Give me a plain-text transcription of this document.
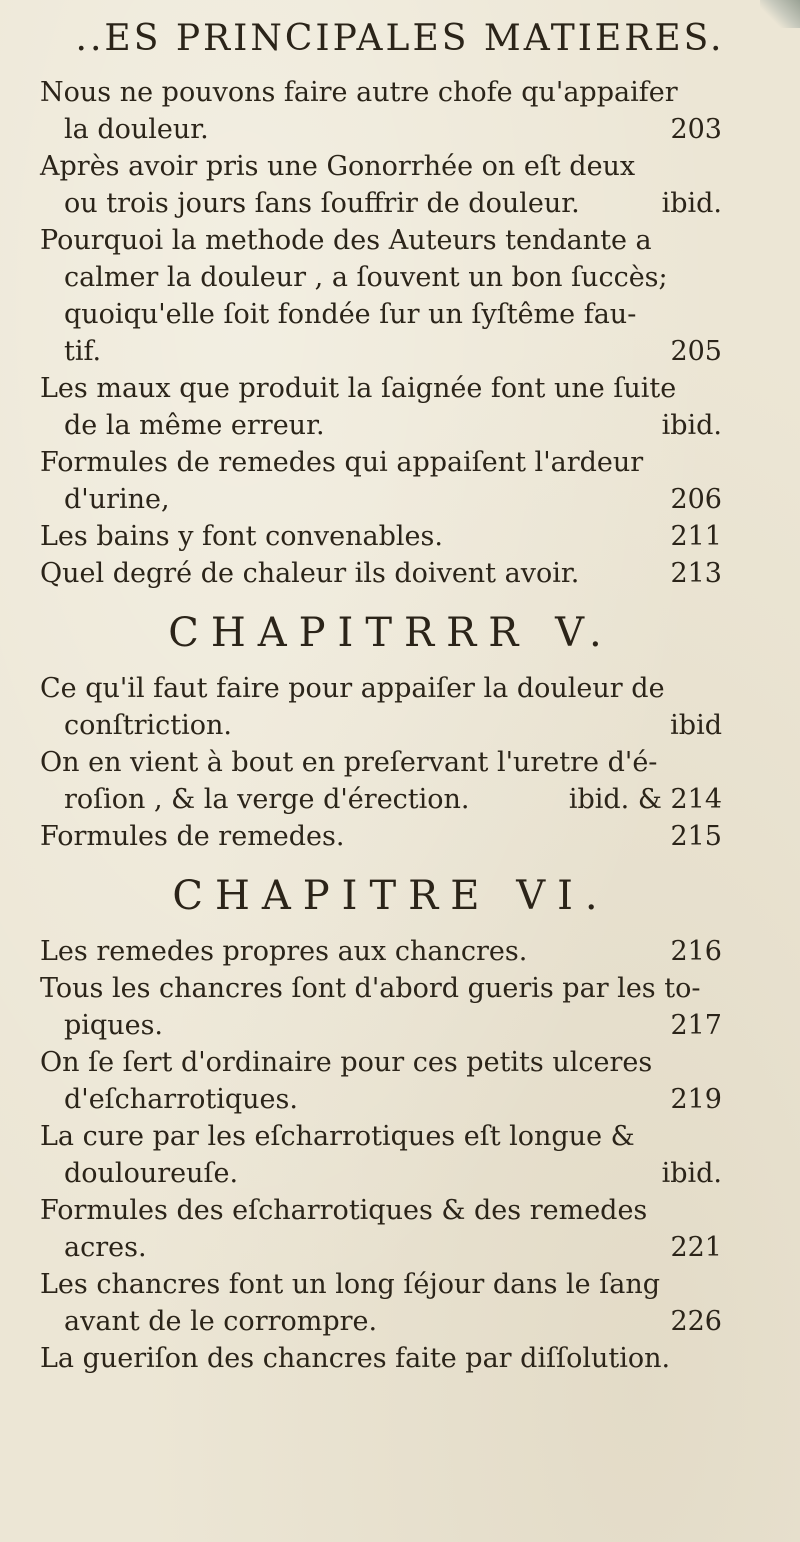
..ES PRINCIPALES MATIERES.
Nous ne pouvons faire autre chofe qu'appaifer
la douleur.	203
Après avoir pris une Gonorrhée on eſt deux
ou trois jours ſans ſouffrir de douleur.	ibid.
Pourquoi la methode des Auteurs tendante a
calmer la douleur , a ſouvent un bon ſuccès;
quoiqu'elle ſoit fondée ſur un ſyſtême fau-
tif.	205
Les maux que produit la ſaignée font une ſuite
de la même erreur.	ibid.
Formules de remedes qui appaiſent l'ardeur
d'urine,	206
Les bains y font convenables.	211
Quel degré de chaleur ils doivent avoir.	213
CHAPITRRR V.
Ce qu'il faut faire pour appaiſer la douleur de
conſtriction.	ibid
On en vient à bout en preſervant l'uretre d'é-
roſion , & la verge d'érection.	ibid. & 214
Formules de remedes.	215
CHAPITRE VI.
Les remedes propres aux chancres.	216
Tous les chancres ſont d'abord gueris par les to-
piques.	217
On ſe ſert d'ordinaire pour ces petits ulceres
d'eſcharrotiques.	219
La cure par les eſcharrotiques eſt longue &
douloureuſe.	ibid.
Formules des eſcharrotiques & des remedes
acres.	221
Les chancres font un long ſéjour dans le ſang
avant de le corrompre.	226
La gueriſon des chancres faite par diſſolution.
